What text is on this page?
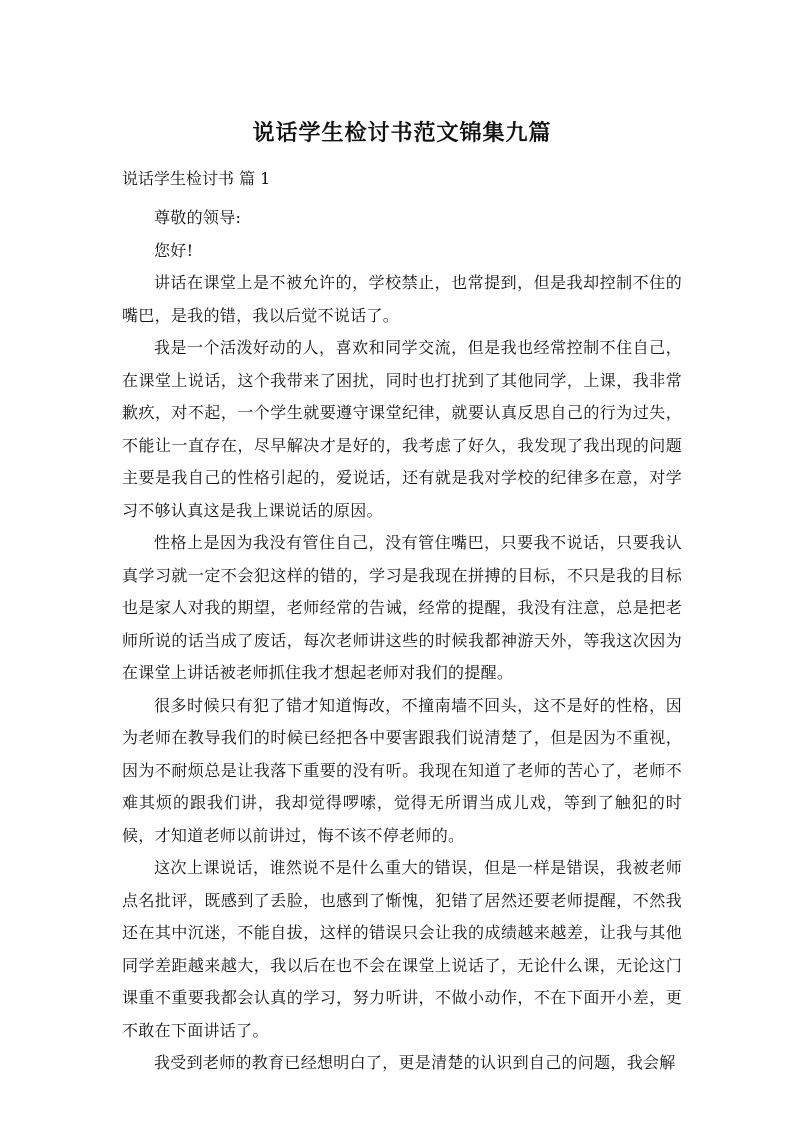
说话学生检讨书范文锦集九篇
说话学生检讨书 篇 1

尊敬的领导:

您好!

讲话在课堂上是不被允许的，学校禁止，也常提到，但是我却控制不住的嘴巴，是我的错，我以后觉不说话了。

我是一个活泼好动的人，喜欢和同学交流，但是我也经常控制不住自己，在课堂上说话，这个我带来了困扰，同时也打扰到了其他同学，上课，我非常歉疚，对不起，一个学生就要遵守课堂纪律，就要认真反思自己的行为过失，不能让一直存在，尽早解决才是好的，我考虑了好久，我发现了我出现的问题主要是我自己的性格引起的，爱说话，还有就是我对学校的纪律多在意，对学习不够认真这是我上课说话的原因。

性格上是因为我没有管住自己，没有管住嘴巴，只要我不说话，只要我认真学习就一定不会犯这样的错的，学习是我现在拼搏的目标，不只是我的目标也是家人对我的期望，老师经常的告诫，经常的提醒，我没有注意，总是把老师所说的话当成了废话，每次老师讲这些的时候我都神游天外，等我这次因为在课堂上讲话被老师抓住我才想起老师对我们的提醒。

很多时候只有犯了错才知道悔改，不撞南墙不回头，这不是好的性格，因为老师在教导我们的时候已经把各中要害跟我们说清楚了，但是因为不重视，因为不耐烦总是让我落下重要的没有听。我现在知道了老师的苦心了，老师不难其烦的跟我们讲，我却觉得啰嗦，觉得无所谓当成儿戏，等到了触犯的时候，才知道老师以前讲过，悔不该不停老师的。

这次上课说话，谁然说不是什么重大的错误，但是一样是错误，我被老师点名批评，既感到了丢脸，也感到了惭愧，犯错了居然还要老师提醒，不然我还在其中沉迷，不能自拔，这样的错误只会让我的成绩越来越差，让我与其他同学差距越来越大，我以后在也不会在课堂上说话了，无论什么课，无论这门课重不重要我都会认真的学习，努力听讲，不做小动作，不在下面开小差，更不敢在下面讲话了。

我受到老师的教育已经想明白了，更是清楚的认识到自己的问题，我会解
